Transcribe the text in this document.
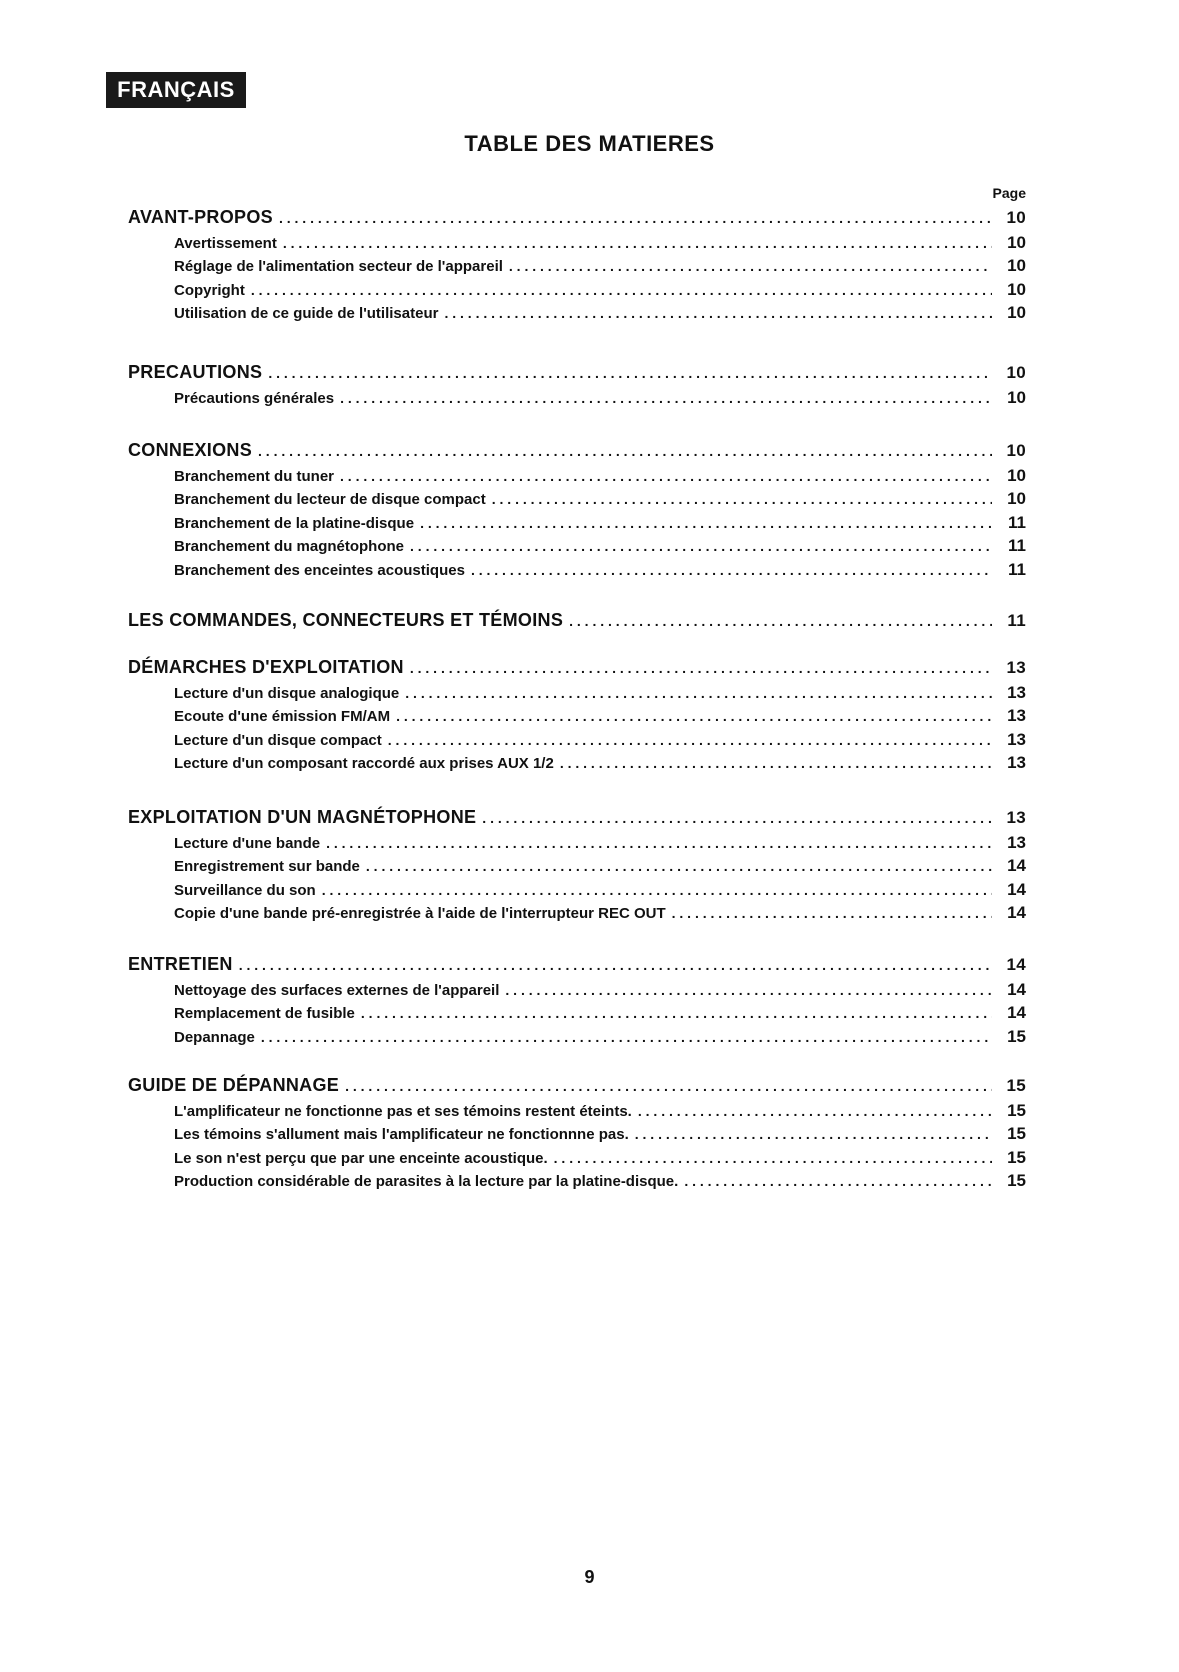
FRANÇAIS
TABLE DES MATIERES
Page
AVANT-PROPOS . . .	10
Avertissement . . .	10
Réglage de l'alimentation secteur de l'appareil . . .	10
Copyright . . .	10
Utilisation de ce guide de l'utilisateur . . .	10
PRECAUTIONS . . .	10
Précautions générales . . .	10
CONNEXIONS . . .	10
Branchement du tuner . . .	10
Branchement du lecteur de disque compact . . .	10
Branchement de la platine-disque . . .	11
Branchement du magnétophone . . .	11
Branchement des enceintes acoustiques . . .	11
LES COMMANDES, CONNECTEURS ET TÉMOINS . . .	11
DÉMARCHES D'EXPLOITATION . . .	13
Lecture d'un disque analogique . . .	13
Ecoute d'une émission FM/AM . . .	13
Lecture d'un disque compact . . .	13
Lecture d'un composant raccordé aux prises AUX 1/2 . . .	13
EXPLOITATION D'UN MAGNÉTOPHONE . . .	13
Lecture d'une bande . . .	13
Enregistrement sur bande . . .	14
Surveillance du son . . .	14
Copie d'une bande pré-enregistrée à l'aide de l'interrupteur REC OUT . . .	14
ENTRETIEN . . .	14
Nettoyage des surfaces externes de l'appareil . . .	14
Remplacement de fusible . . .	14
Depannage . . .	15
GUIDE DE DÉPANNAGE . . .	15
L'amplificateur ne fonctionne pas et ses témoins restent éteints. . . .	15
Les témoins s'allument mais l'amplificateur ne fonctionnne pas. . . .	15
Le son n'est perçu que par une enceinte acoustique. . . .	15
Production considérable de parasites à la lecture par la platine-disque. . . .	15
9
